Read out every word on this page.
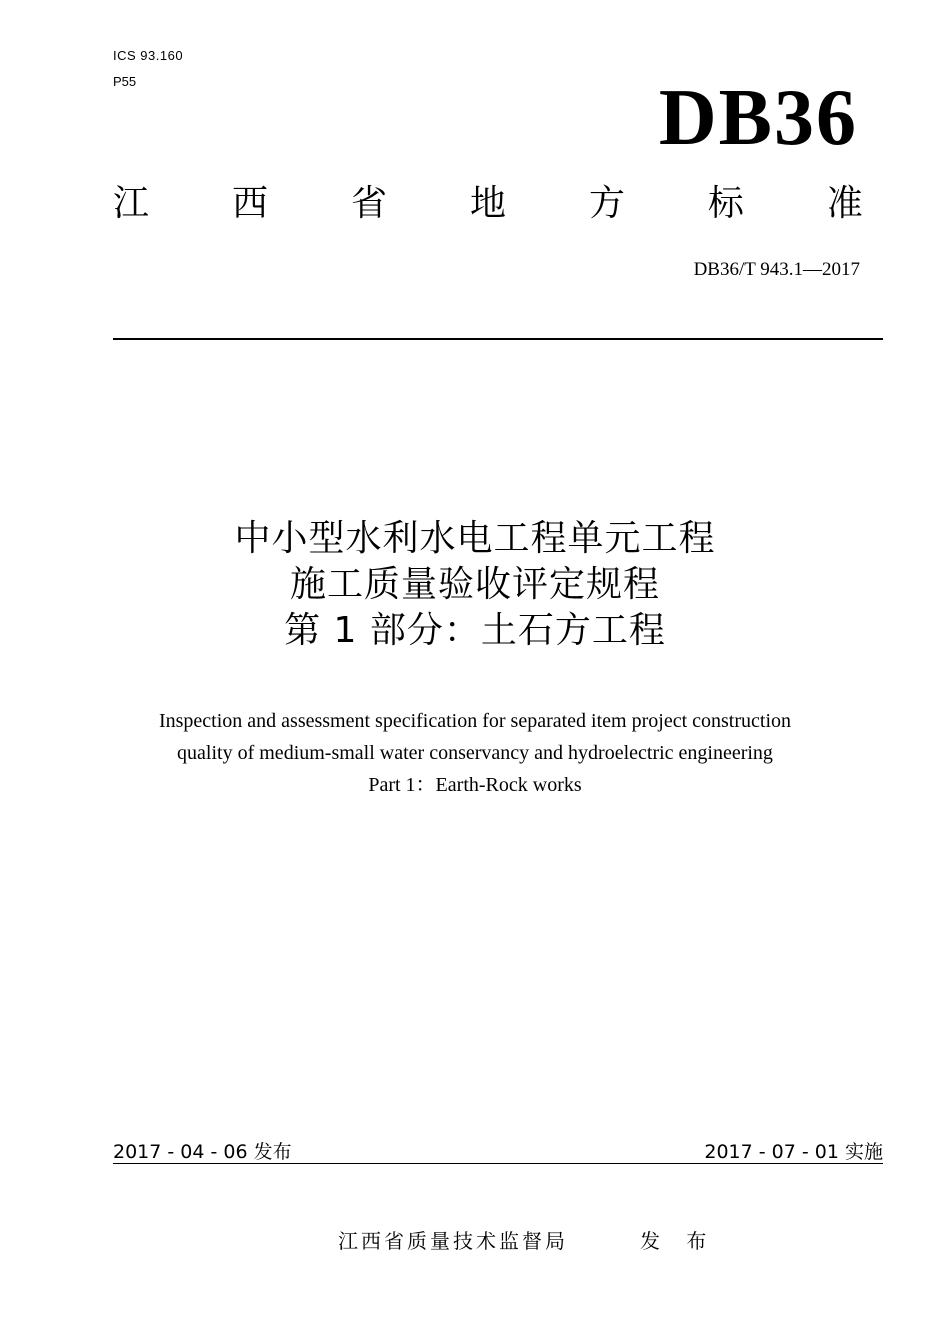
ICS 93.160
P55	DB36
江 西 省 地 方 标 准
DB36/T 943.1—2017
中小型水利水电工程单元工程
施工质量验收评定规程
第 1 部分：土石方工程
Inspection and assessment specification for separated item project construction
quality of medium-small water conservancy and hydroelectric engineering
Part 1：Earth-Rock works
2017 - 04 - 06 发布	2017 - 07 - 01 实施
江西省质量技术监督局	发 布
